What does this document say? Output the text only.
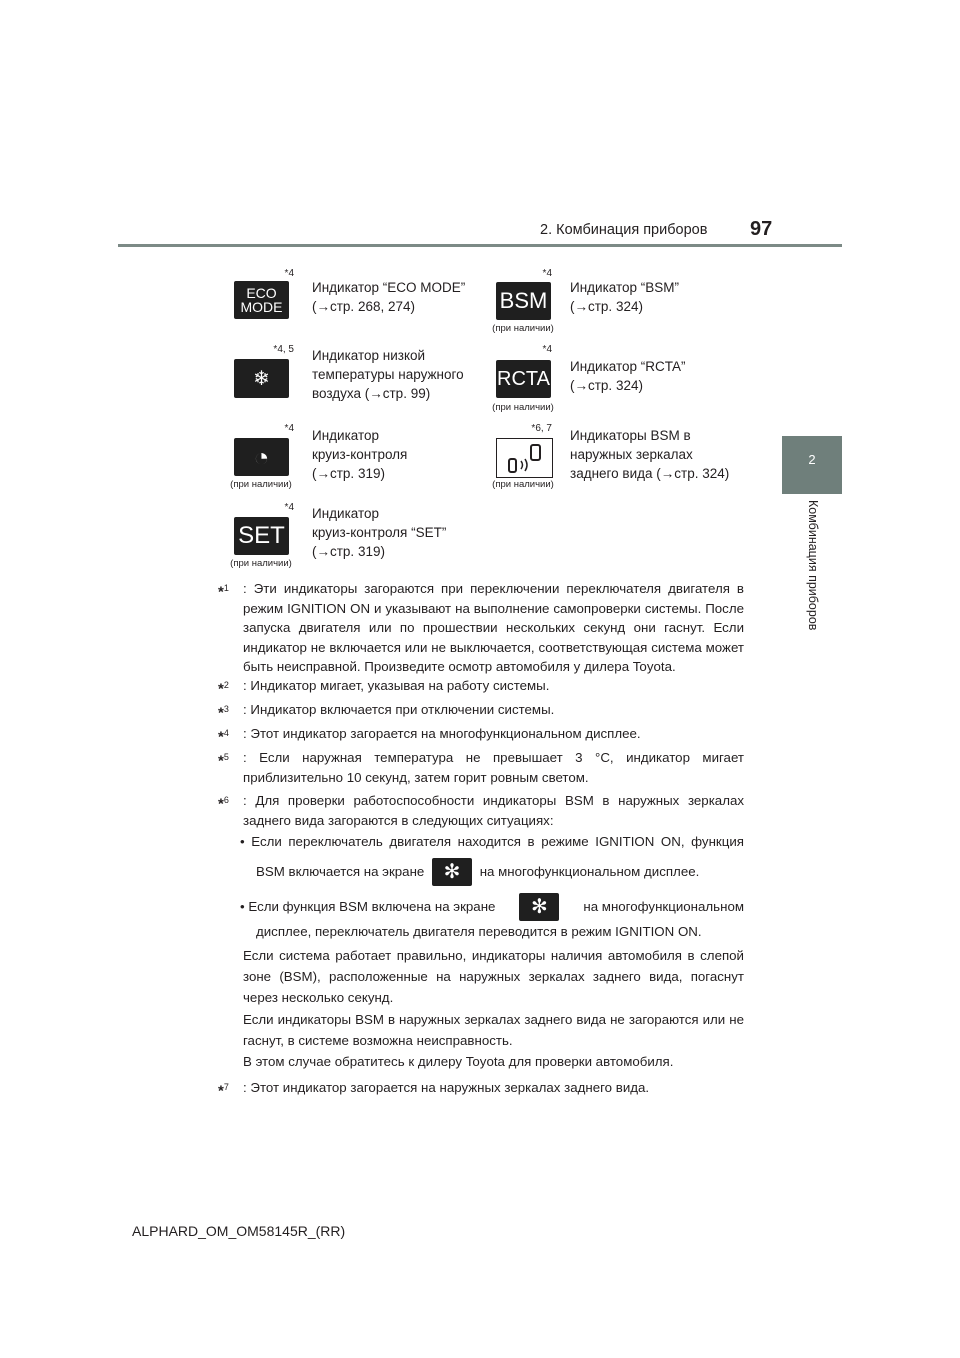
2. Комбинация приборов 97
2
Комбинация приборов
*4
ECO
MODE
Индикатор “ECO MODE”
(→стр. 268, 274)
*4
BSM
(при наличии)
Индикатор “BSM”
(→стр. 324)
*4, 5
❄
Индикатор низкой
температуры наружного
воздуха (→стр. 99)
*4
RCTA
(при наличии)
Индикатор “RCTA”
(→стр. 324)
*4
◔
(при наличии)
Индикатор
круиз-контроля
(→стр. 319)
*6, 7
(при наличии)
Индикаторы BSM в
наружных зеркалах
заднего вида (→стр. 324)
*4
SET
(при наличии)
Индикатор
круиз-контроля “SET”
(→стр. 319)
*$^1$	: Эти индикаторы загораются при переключении переключателя двигателя в режим IGNITION ON и указывают на выполнение самопроверки системы. После запуска двигателя или по прошествии нескольких секунд они гаснут. Если индикатор не включается или не выключается, соответствующая система может быть неисправной. Произведите осмотр автомобиля у дилера Toyota.
*$^2$	: Индикатор мигает, указывая на работу системы.
*$^3$	: Индикатор включается при отключении системы.
*$^4$	: Этот индикатор загорается на многофункциональном дисплее.
*$^5$	: Если наружная температура не превышает 3 °C, индикатор мигает приблизительно 10 секунд, затем горит ровным светом.
*$^6$	: Для проверки работоспособности индикаторы BSM в наружных зеркалах заднего вида загораются в следующих ситуациях:
• Если переключатель двигателя находится в режиме IGNITION ON, функция
BSM включается на экране ✻ на многофункциональном дисплее.
• Если функция BSM включена на экране	✻	на многофункциональном
дисплее, переключатель двигателя переводится в режим IGNITION ON.
Если система работает правильно, индикаторы наличия автомобиля в слепой зоне (BSM), расположенные на наружных зеркалах заднего вида, погаснут через несколько секунд.
Если индикаторы BSM в наружных зеркалах заднего вида не загораются или не гаснут, в системе возможна неисправность.
В этом случае обратитесь к дилеру Toyota для проверки автомобиля.
*$^7$	: Этот индикатор загорается на наружных зеркалах заднего вида.
ALPHARD_OM_OM58145R_(RR)
